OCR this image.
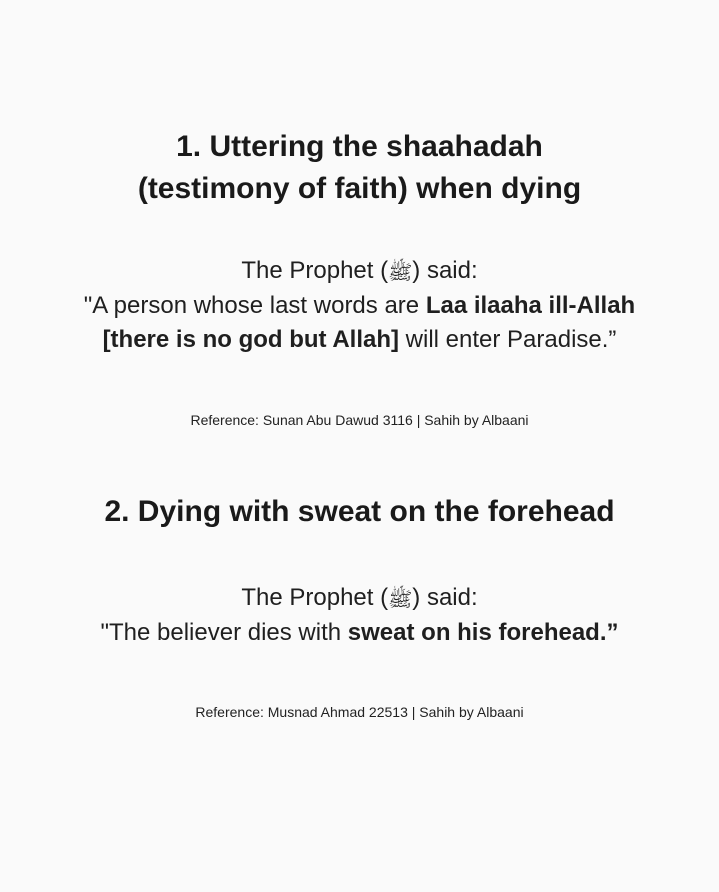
1. Uttering the shaahadah

(testimony of faith) when dying

The Prophet (ﷺ) said:

"A person whose last words are Laa ilaaha ill-Allah

[there is no god but Allah] will enter Paradise.”

Reference: Sunan Abu Dawud 3116 | Sahih by Albaani

2. Dying with sweat on the forehead

The Prophet (ﷺ) said:

"The believer dies with sweat on his forehead.”

Reference: Musnad Ahmad 22513 | Sahih by Albaani
